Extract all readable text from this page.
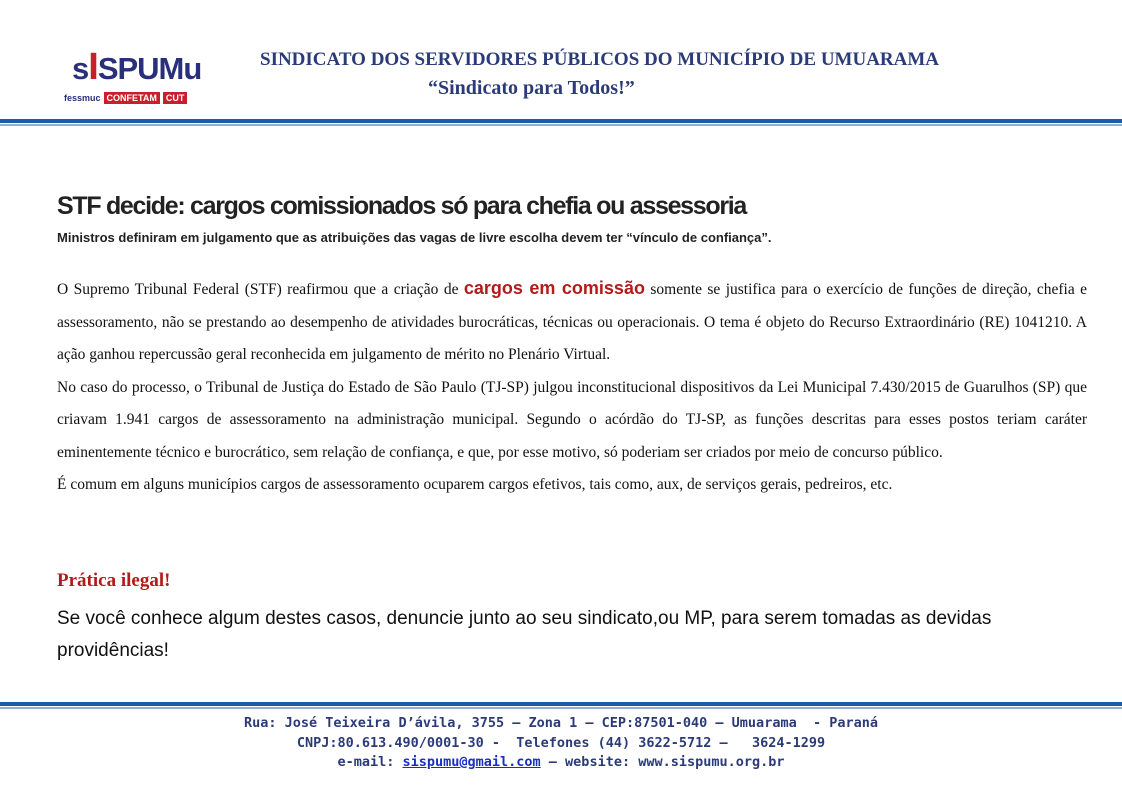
sISPUMu
fessmuc CONFETAM	CUT
SINDICATO DOS SERVIDORES PÚBLICOS DO MUNICÍPIO DE UMUARAMA
“Sindicato para Todos!”
STF decide: cargos comissionados só para chefia ou assessoria
Ministros definiram em julgamento que as atribuições das vagas de livre escolha devem ter “vínculo de confiança”.

O Supremo Tribunal Federal (STF) reafirmou que a criação de cargos em comissão somente se justifica para o exercício de funções de direção, chefia e assessoramento, não se prestando ao desempenho de atividades burocráticas, técnicas ou operacionais. O tema é objeto do Recurso Extraordinário (RE) 1041210. A ação ganhou repercussão geral reconhecida em julgamento de mérito no Plenário Virtual.

No caso do processo, o Tribunal de Justiça do Estado de São Paulo (TJ-SP) julgou inconstitucional dispositivos da Lei Municipal 7.430/2015 de Guarulhos (SP) que criavam 1.941 cargos de assessoramento na administração municipal. Segundo o acórdão do TJ-SP, as funções descritas para esses postos teriam caráter eminentemente técnico e burocrático, sem relação de confiança, e que, por esse motivo, só poderiam ser criados por meio de concurso público.

É comum em alguns municípios cargos de assessoramento ocuparem cargos efetivos, tais como, aux, de serviços gerais, pedreiros, etc.

Prática ilegal!
Se você conhece algum destes casos, denuncie junto ao seu sindicato,ou MP, para serem tomadas as devidas providências!
Rua: José Teixeira D’ávila, 3755 – Zona 1 – CEP:87501-040 – Umuarama  - Paraná
CNPJ:80.613.490/0001-30 -  Telefones (44) 3622-5712 –   3624-1299
e-mail: sispumu@gmail.com – website: www.sispumu.org.br
